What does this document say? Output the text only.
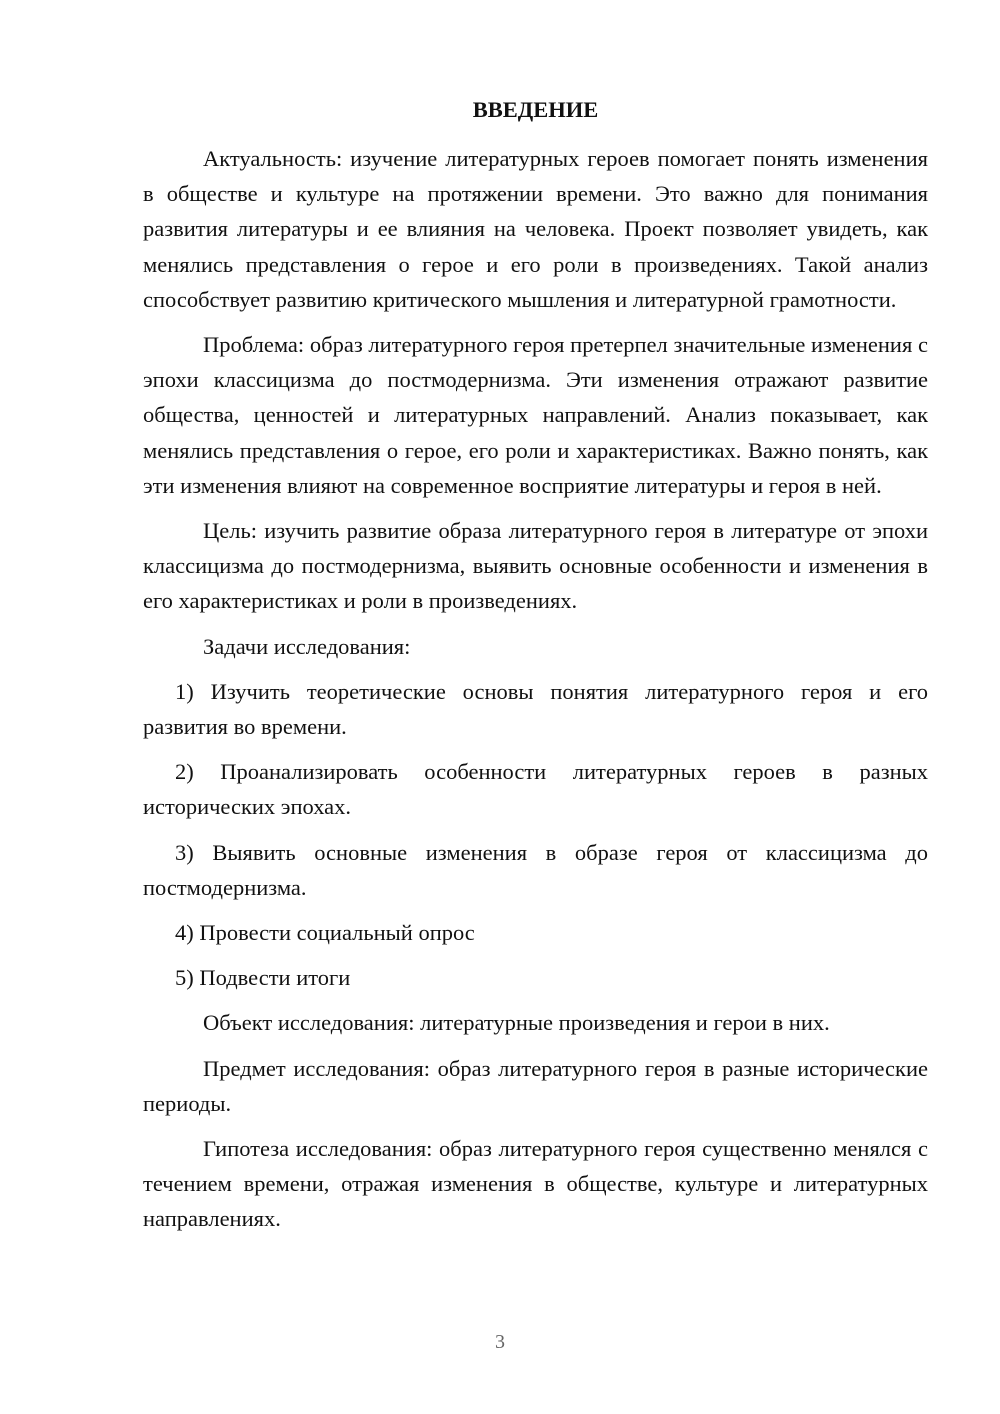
ВВЕДЕНИЕ
Актуальность: изучение литературных героев помогает понять изменения в обществе и культуре на протяжении времени. Это важно для понимания развития литературы и ее влияния на человека. Проект позволяет увидеть, как менялись представления о герое и его роли в произведениях. Такой анализ способствует развитию критического мышления и литературной грамотности.
Проблема: образ литературного героя претерпел значительные изменения с эпохи классицизма до постмодернизма. Эти изменения отражают развитие общества, ценностей и литературных направлений. Анализ показывает, как менялись представления о герое, его роли и характеристиках. Важно понять, как эти изменения влияют на современное восприятие литературы и героя в ней.
Цель: изучить развитие образа литературного героя в литературе от эпохи классицизма до постмодернизма, выявить основные особенности и изменения в его характеристиках и роли в произведениях.
Задачи исследования:
1) Изучить теоретические основы понятия литературного героя и его развития во времени.
2) Проанализировать особенности литературных героев в разных исторических эпохах.
3) Выявить основные изменения в образе героя от классицизма до постмодернизма.
4) Провести социальный опрос
5) Подвести итоги
Объект исследования: литературные произведения и герои в них.
Предмет исследования: образ литературного героя в разные исторические периоды.
Гипотеза исследования: образ литературного героя существенно менялся с течением времени, отражая изменения в обществе, культуре и литературных направлениях.
3
